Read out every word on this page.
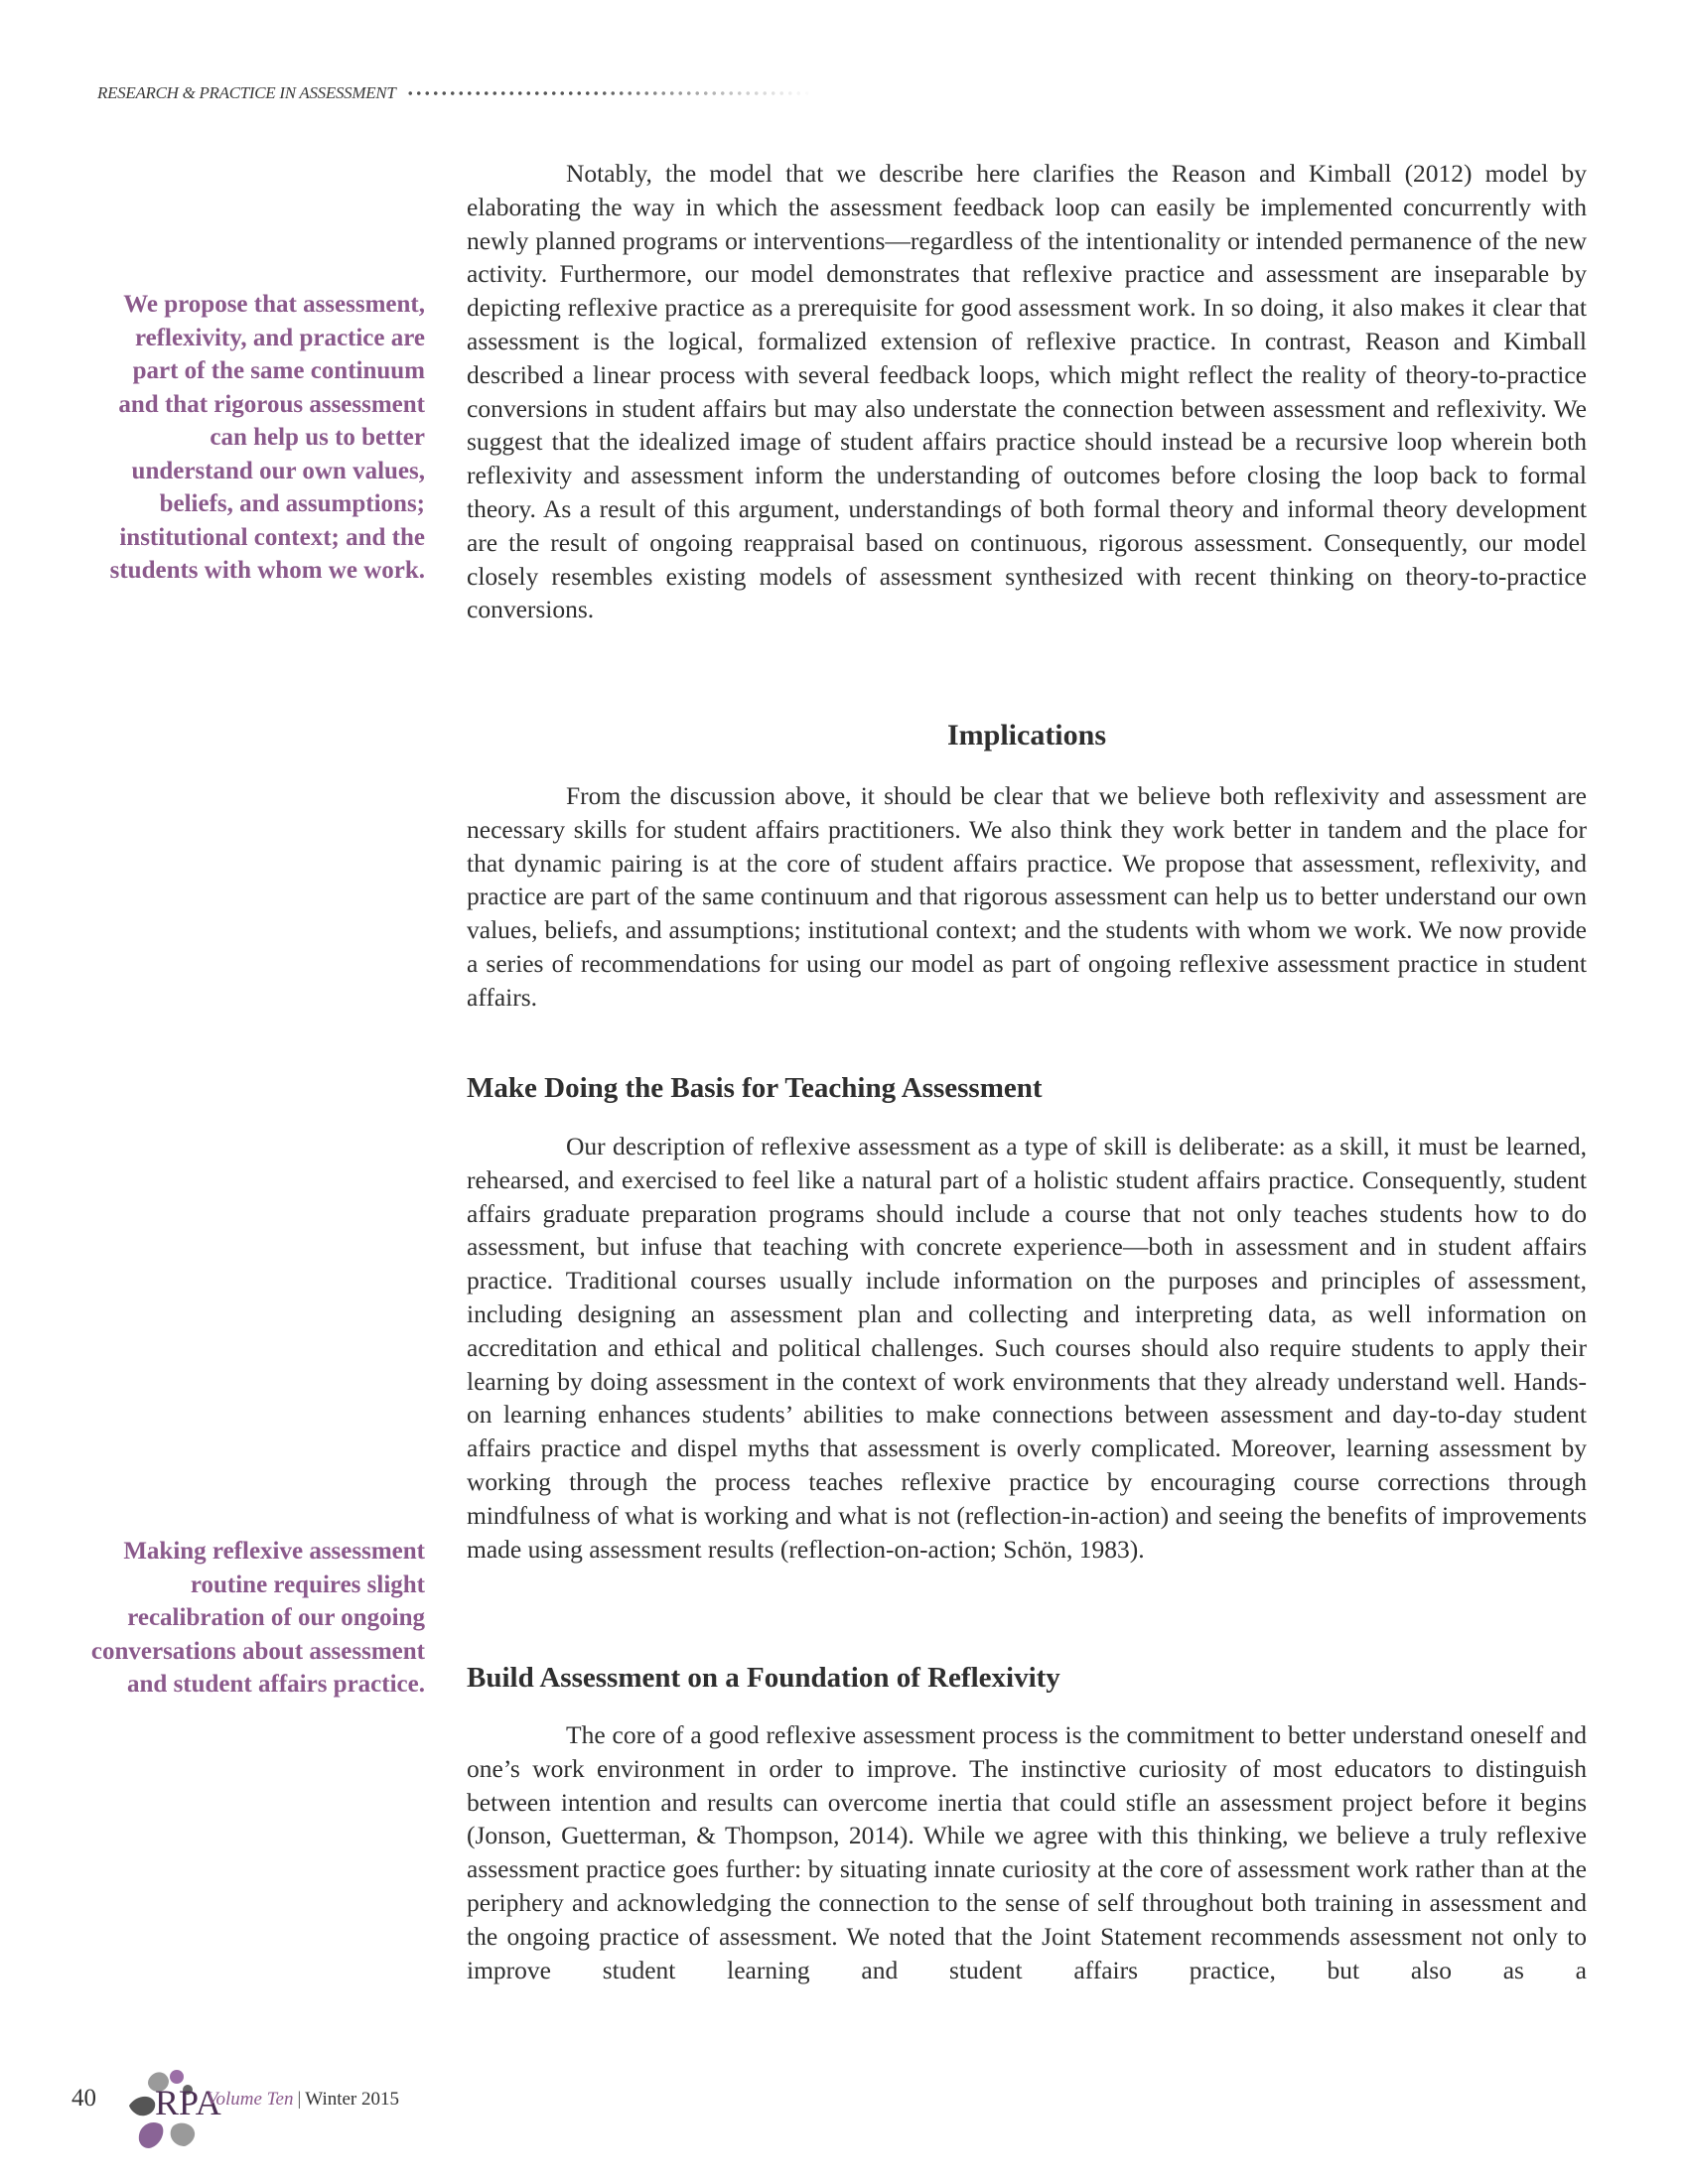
RESEARCH & PRACTICE IN ASSESSMENT

We propose that assessment, reflexivity, and practice are part of the same continuum and that rigorous assessment can help us to better understand our own values, beliefs, and assumptions; institutional context; and the students with whom we work.

Making reflexive assessment routine requires slight recalibration of our ongoing conversations about assessment and student affairs practice.

Notably, the model that we describe here clarifies the Reason and Kimball (2012) model by elaborating the way in which the assessment feedback loop can easily be implemented concurrently with newly planned programs or interventions—regardless of the intentionality or intended permanence of the new activity. Furthermore, our model demonstrates that reflexive practice and assessment are inseparable by depicting reflexive practice as a prerequisite for good assessment work. In so doing, it also makes it clear that assessment is the logical, formalized extension of reflexive practice. In contrast, Reason and Kimball described a linear process with several feedback loops, which might reflect the reality of theory-to-practice conversions in student affairs but may also understate the connection between assessment and reflexivity. We suggest that the idealized image of student affairs practice should instead be a recursive loop wherein both reflexivity and assessment inform the understanding of outcomes before closing the loop back to formal theory. As a result of this argument, understandings of both formal theory and informal theory development are the result of ongoing reappraisal based on continuous, rigorous assessment. Consequently, our model closely resembles existing models of assessment synthesized with recent thinking on theory-to-practice conversions.

Implications

From the discussion above, it should be clear that we believe both reflexivity and assessment are necessary skills for student affairs practitioners. We also think they work better in tandem and the place for that dynamic pairing is at the core of student affairs practice. We propose that assessment, reflexivity, and practice are part of the same continuum and that rigorous assessment can help us to better understand our own values, beliefs, and assumptions; institutional context; and the students with whom we work. We now provide a series of recommendations for using our model as part of ongoing reflexive assessment practice in student affairs.

Make Doing the Basis for Teaching Assessment

Our description of reflexive assessment as a type of skill is deliberate: as a skill, it must be learned, rehearsed, and exercised to feel like a natural part of a holistic student affairs practice. Consequently, student affairs graduate preparation programs should include a course that not only teaches students how to do assessment, but infuse that teaching with concrete experience—both in assessment and in student affairs practice. Traditional courses usually include information on the purposes and principles of assessment, including designing an assessment plan and collecting and interpreting data, as well information on accreditation and ethical and political challenges. Such courses should also require students to apply their learning by doing assessment in the context of work environments that they already understand well. Hands-on learning enhances students’ abilities to make connections between assessment and day-to-day student affairs practice and dispel myths that assessment is overly complicated. Moreover, learning assessment by working through the process teaches reflexive practice by encouraging course corrections through mindfulness of what is working and what is not (reflection-in-action) and seeing the benefits of improvements made using assessment results (reflection-on-action; Schön, 1983).

Build Assessment on a Foundation of Reflexivity

The core of a good reflexive assessment process is the commitment to better understand oneself and one’s work environment in order to improve. The instinctive curiosity of most educators to distinguish between intention and results can overcome inertia that could stifle an assessment project before it begins (Jonson, Guetterman, & Thompson, 2014). While we agree with this thinking, we believe a truly reflexive assessment practice goes further: by situating innate curiosity at the core of assessment work rather than at the periphery and acknowledging the connection to the sense of self throughout both training in assessment and the ongoing practice of assessment. We noted that the Joint Statement recommends assessment not only to improve student learning and student affairs practice, but also as a

40 RPA
Volume Ten | Winter 2015
